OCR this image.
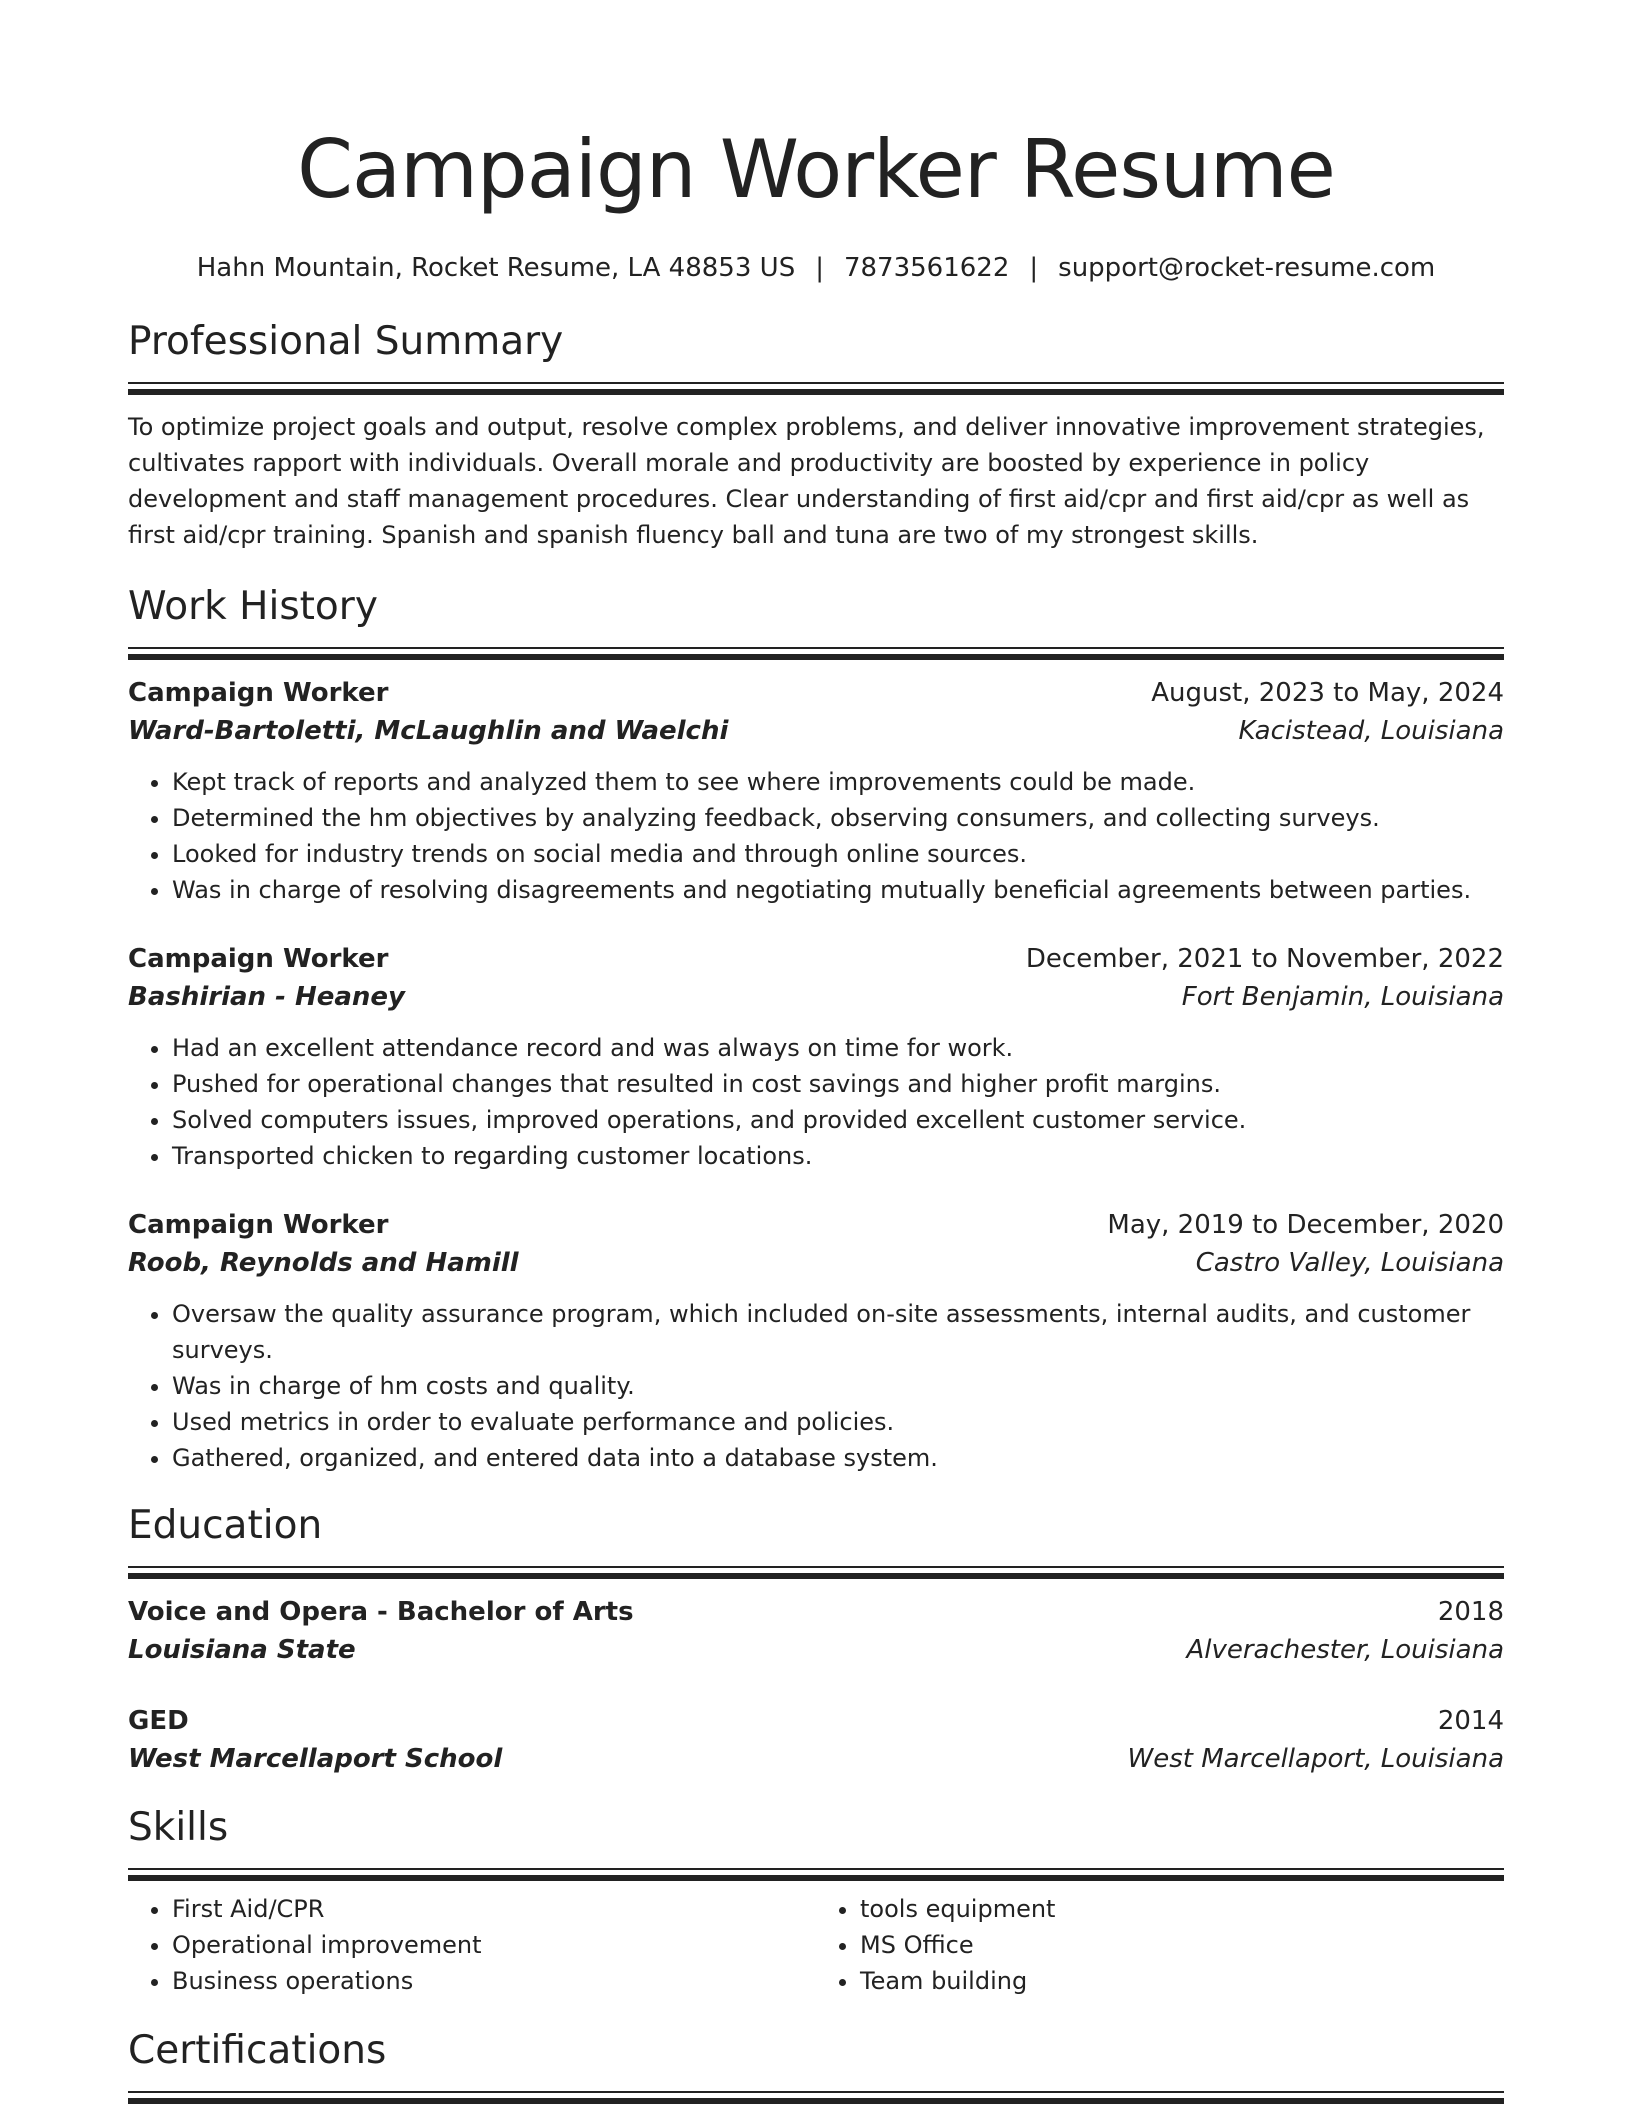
Campaign Worker Resume
Hahn Mountain, Rocket Resume, LA 48853 US | 7873561622 | support@rocket-resume.com
Professional Summary

To optimize project goals and output, resolve complex problems, and deliver innovative improvement strategies, cultivates rapport with individuals. Overall morale and productivity are boosted by experience in policy development and staff management procedures. Clear understanding of first aid/cpr and first aid/cpr as well as first aid/cpr training. Spanish and spanish fluency ball and tuna are two of my strongest skills.

Work History
Campaign Worker	August, 2023 to May, 2024
Ward-Bartoletti, McLaughlin and Waelchi	Kacistead, Louisiana
• Kept track of reports and analyzed them to see where improvements could be made.
• Determined the hm objectives by analyzing feedback, observing consumers, and collecting surveys.
• Looked for industry trends on social media and through online sources.
• Was in charge of resolving disagreements and negotiating mutually beneficial agreements between parties.
Campaign Worker	December, 2021 to November, 2022
Bashirian - Heaney	Fort Benjamin, Louisiana
• Had an excellent attendance record and was always on time for work.
• Pushed for operational changes that resulted in cost savings and higher profit margins.
• Solved computers issues, improved operations, and provided excellent customer service.
• Transported chicken to regarding customer locations.
Campaign Worker	May, 2019 to December, 2020
Roob, Reynolds and Hamill	Castro Valley, Louisiana
• Oversaw the quality assurance program, which included on-site assessments, internal audits, and customer surveys.
• Was in charge of hm costs and quality.
• Used metrics in order to evaluate performance and policies.
• Gathered, organized, and entered data into a database system.
Education
Voice and Opera - Bachelor of Arts	2018
Louisiana State	Alverachester, Louisiana
GED	2014
West Marcellaport School	West Marcellaport, Louisiana
Skills
• First Aid/CPR
• Operational improvement
• Business operations
• tools equipment
• MS Office
• Team building
Certifications
